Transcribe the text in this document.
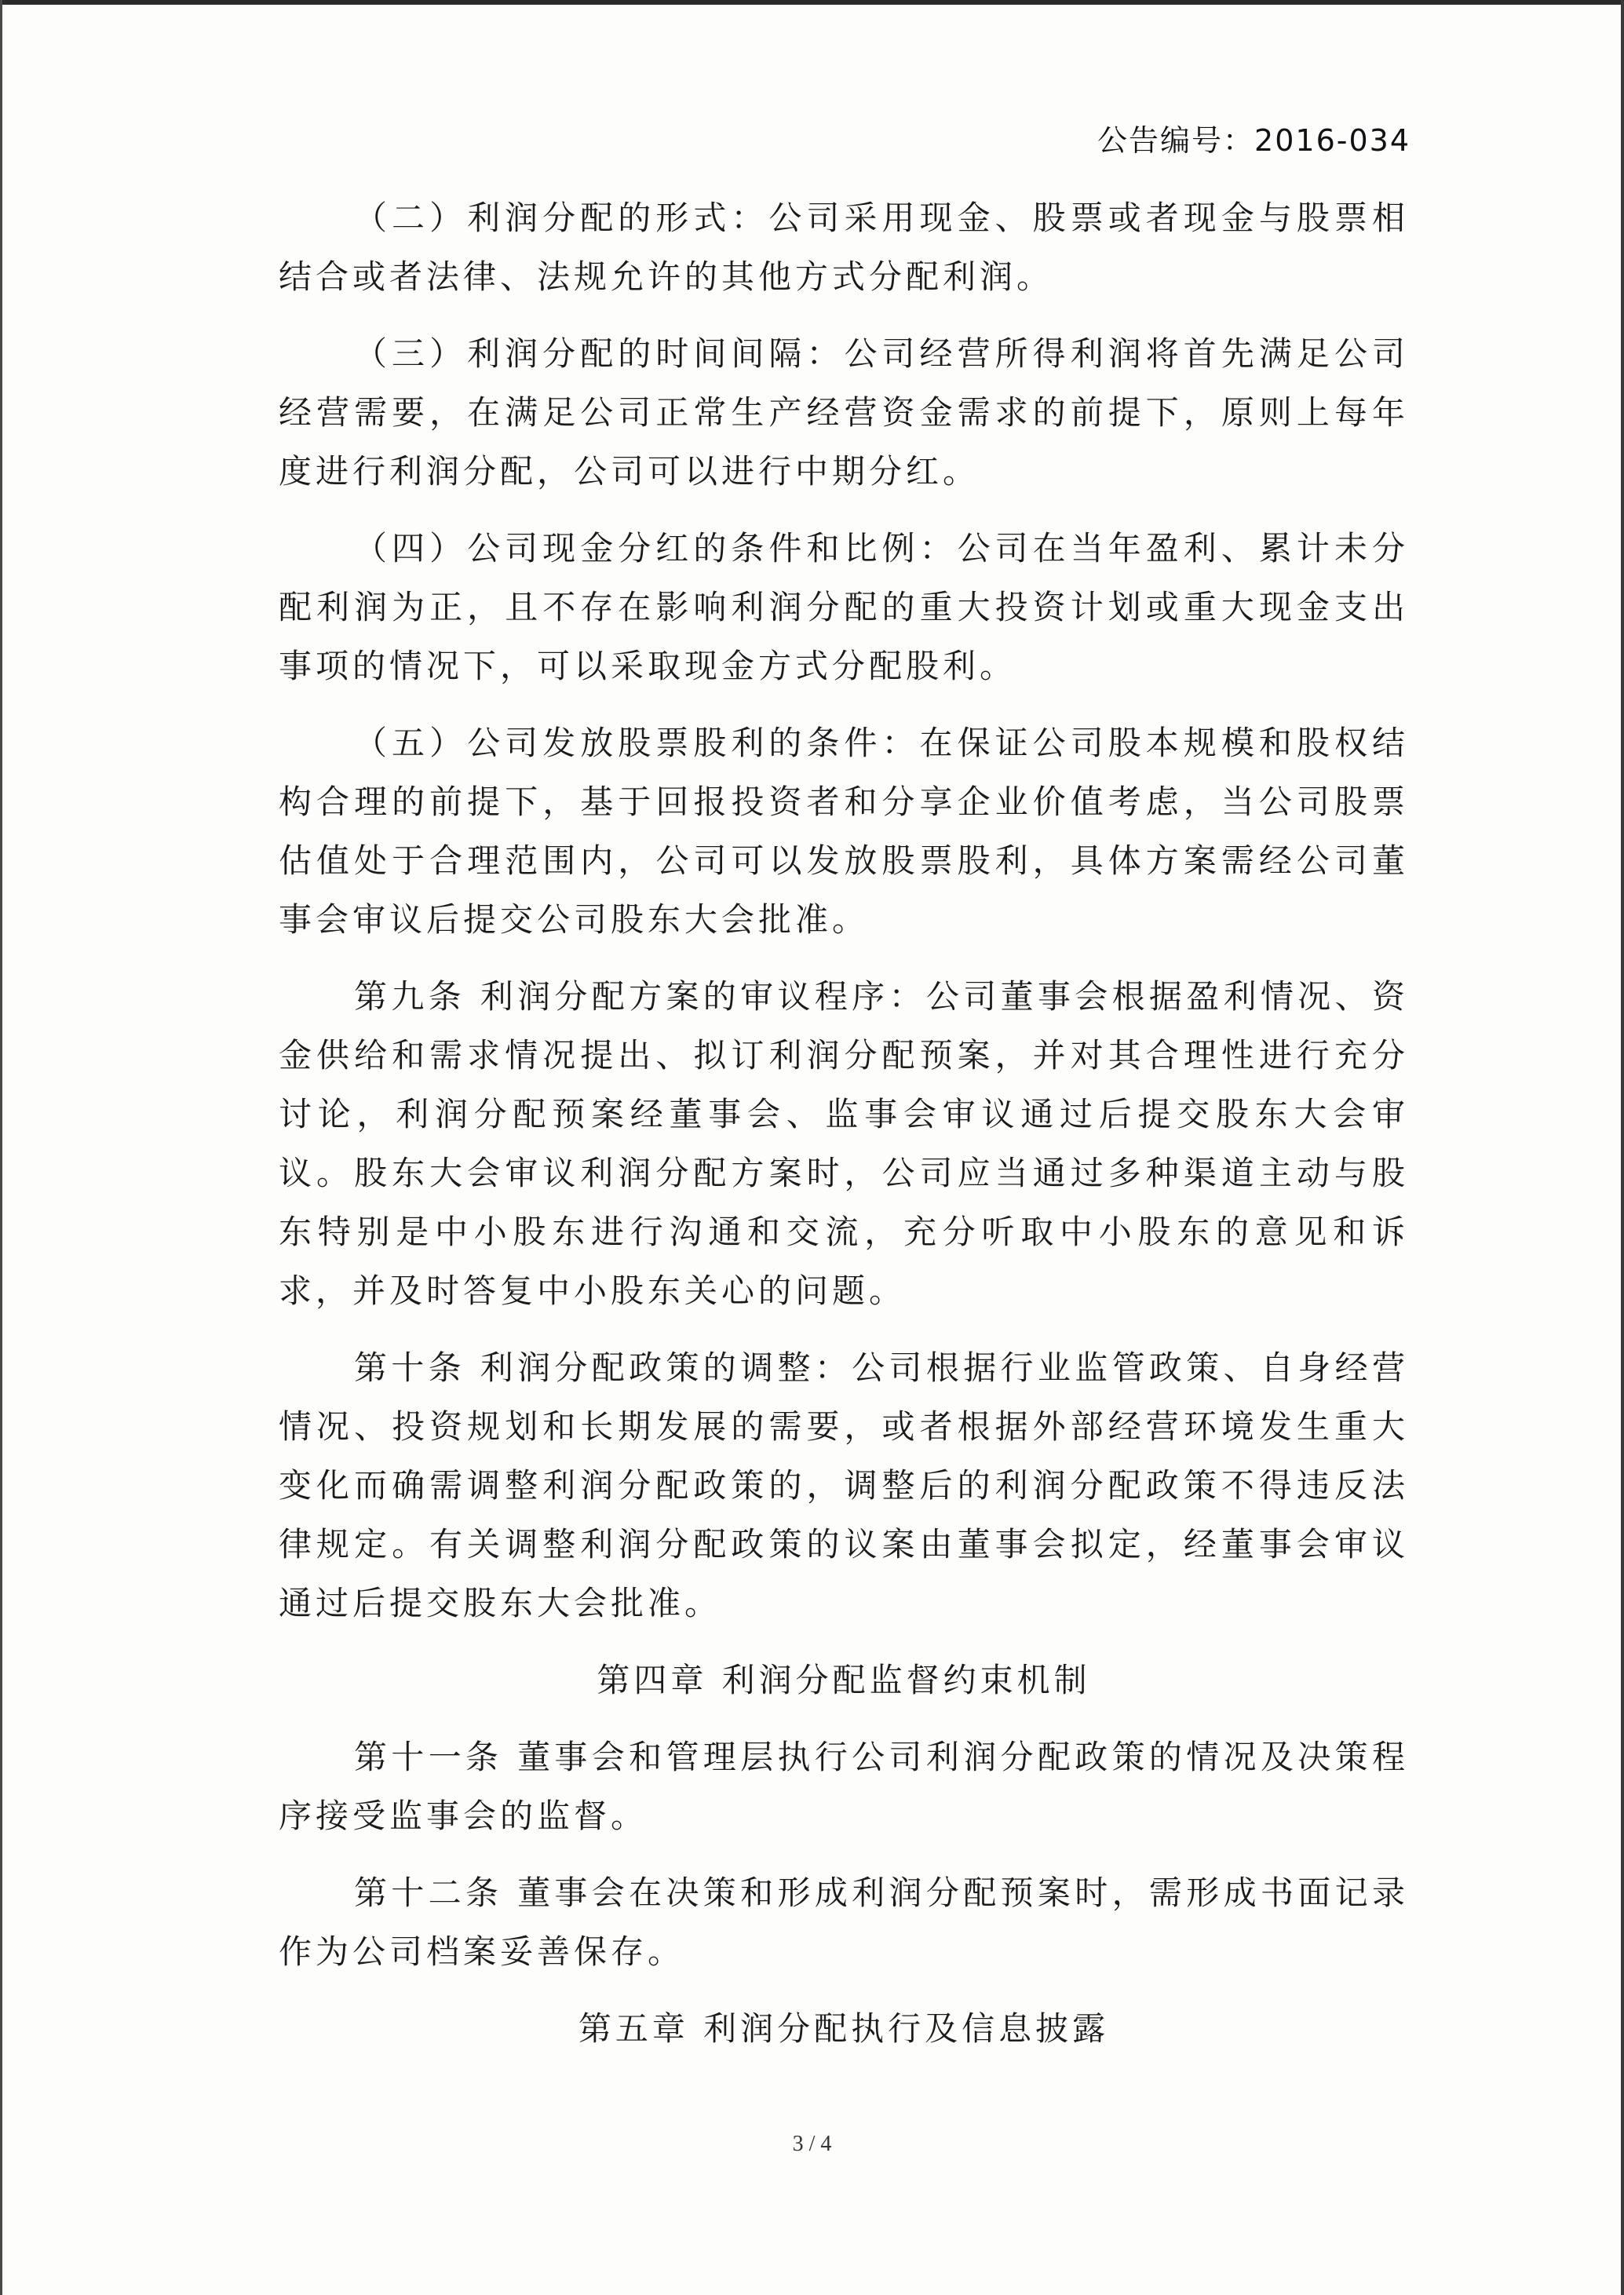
公告编号：2016-034

（二）利润分配的形式：公司采用现金、股票或者现金与股票相结合或者法律、法规允许的其他方式分配利润。

（三）利润分配的时间间隔：公司经营所得利润将首先满足公司经营需要，在满足公司正常生产经营资金需求的前提下，原则上每年度进行利润分配，公司可以进行中期分红。

（四）公司现金分红的条件和比例：公司在当年盈利、累计未分配利润为正，且不存在影响利润分配的重大投资计划或重大现金支出事项的情况下，可以采取现金方式分配股利。

（五）公司发放股票股利的条件：在保证公司股本规模和股权结构合理的前提下，基于回报投资者和分享企业价值考虑，当公司股票估值处于合理范围内，公司可以发放股票股利，具体方案需经公司董事会审议后提交公司股东大会批准。

第九条 利润分配方案的审议程序：公司董事会根据盈利情况、资金供给和需求情况提出、拟订利润分配预案，并对其合理性进行充分讨论，利润分配预案经董事会、监事会审议通过后提交股东大会审议。股东大会审议利润分配方案时，公司应当通过多种渠道主动与股东特别是中小股东进行沟通和交流，充分听取中小股东的意见和诉求，并及时答复中小股东关心的问题。

第十条 利润分配政策的调整：公司根据行业监管政策、自身经营情况、投资规划和长期发展的需要，或者根据外部经营环境发生重大变化而确需调整利润分配政策的，调整后的利润分配政策不得违反法律规定。有关调整利润分配政策的议案由董事会拟定，经董事会审议通过后提交股东大会批准。

第四章 利润分配监督约束机制

第十一条 董事会和管理层执行公司利润分配政策的情况及决策程序接受监事会的监督。

第十二条 董事会在决策和形成利润分配预案时，需形成书面记录作为公司档案妥善保存。

第五章 利润分配执行及信息披露

3 / 4
